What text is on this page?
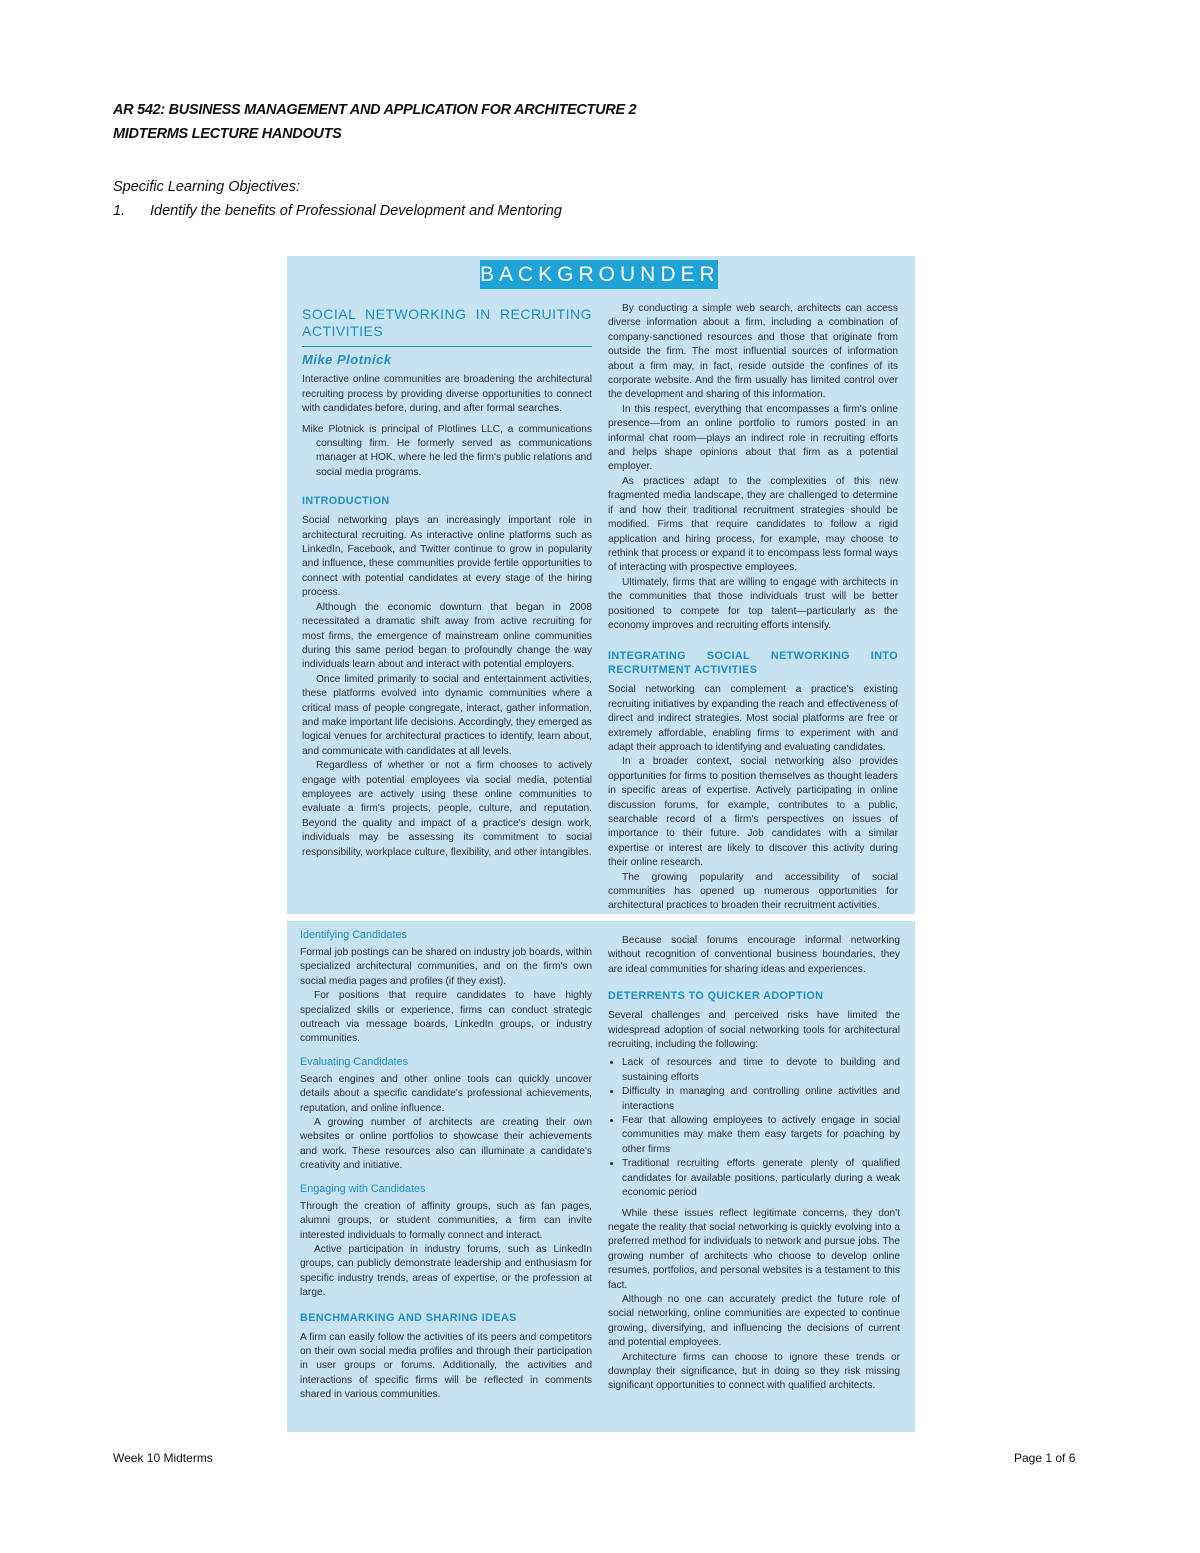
AR 542: BUSINESS MANAGEMENT AND APPLICATION FOR ARCHITECTURE 2
MIDTERMS LECTURE HANDOUTS
Specific Learning Objectives:
1. Identify the benefits of Professional Development and Mentoring
BACKGROUNDER
SOCIAL NETWORKING IN RECRUITING ACTIVITIES
Mike Plotnick

Interactive online communities are broadening the architectural recruiting process by providing diverse opportunities to connect with candidates before, during, and after formal searches.

Mike Plotnick is principal of Plotlines LLC, a communications consulting firm. He formerly served as communications manager at HOK, where he led the firm's public relations and social media programs.

INTRODUCTION

Social networking plays an increasingly important role in architectural recruiting. As interactive online platforms such as LinkedIn, Facebook, and Twitter continue to grow in popularity and influence, these communities provide fertile opportunities to connect with potential candidates at every stage of the hiring process.

Although the economic downturn that began in 2008 necessitated a dramatic shift away from active recruiting for most firms, the emergence of mainstream online communities during this same period began to profoundly change the way individuals learn about and interact with potential employers.

Once limited primarily to social and entertainment activities, these platforms evolved into dynamic communities where a critical mass of people congregate, interact, gather information, and make important life decisions. Accordingly, they emerged as logical venues for architectural practices to identify, learn about, and communicate with candidates at all levels.

Regardless of whether or not a firm chooses to actively engage with potential employees via social media, potential employees are actively using these online communities to evaluate a firm's projects, people, culture, and reputation. Beyond the quality and impact of a practice's design work, individuals may be assessing its commitment to social responsibility, workplace culture, flexibility, and other intangibles.

By conducting a simple web search, architects can access diverse information about a firm, including a combination of company-sanctioned resources and those that originate from outside the firm. The most influential sources of information about a firm may, in fact, reside outside the confines of its corporate website. And the firm usually has limited control over the development and sharing of this information.

In this respect, everything that encompasses a firm's online presence—from an online portfolio to rumors posted in an informal chat room—plays an indirect role in recruiting efforts and helps shape opinions about that firm as a potential employer.

As practices adapt to the complexities of this new fragmented media landscape, they are challenged to determine if and how their traditional recruitment strategies should be modified. Firms that require candidates to follow a rigid application and hiring process, for example, may choose to rethink that process or expand it to encompass less formal ways of interacting with prospective employees.

Ultimately, firms that are willing to engage with architects in the communities that those individuals trust will be better positioned to compete for top talent—particularly as the economy improves and recruiting efforts intensify.

INTEGRATING SOCIAL NETWORKING INTO RECRUITMENT ACTIVITIES

Social networking can complement a practice's existing recruiting initiatives by expanding the reach and effectiveness of direct and indirect strategies. Most social platforms are free or extremely affordable, enabling firms to experiment with and adapt their approach to identifying and evaluating candidates.

In a broader context, social networking also provides opportunities for firms to position themselves as thought leaders in specific areas of expertise. Actively participating in online discussion forums, for example, contributes to a public, searchable record of a firm's perspectives on issues of importance to their future. Job candidates with a similar expertise or interest are likely to discover this activity during their online research.

The growing popularity and accessibility of social communities has opened up numerous opportunities for architectural practices to broaden their recruitment activities.

Identifying Candidates

Formal job postings can be shared on industry job boards, within specialized architectural communities, and on the firm's own social media pages and profiles (if they exist).

For positions that require candidates to have highly specialized skills or experience, firms can conduct strategic outreach via message boards, LinkedIn groups, or industry communities.

Evaluating Candidates

Search engines and other online tools can quickly uncover details about a specific candidate's professional achievements, reputation, and online influence.

A growing number of architects are creating their own websites or online portfolios to showcase their achievements and work. These resources also can illuminate a candidate's creativity and initiative.

Engaging with Candidates

Through the creation of affinity groups, such as fan pages, alumni groups, or student communities, a firm can invite interested individuals to formally connect and interact.

Active participation in industry forums, such as LinkedIn groups, can publicly demonstrate leadership and enthusiasm for specific industry trends, areas of expertise, or the profession at large.

BENCHMARKING AND SHARING IDEAS

A firm can easily follow the activities of its peers and competitors on their own social media profiles and through their participation in user groups or forums. Additionally, the activities and interactions of specific firms will be reflected in comments shared in various communities.

Because social forums encourage informal networking without recognition of conventional business boundaries, they are ideal communities for sharing ideas and experiences.

DETERRENTS TO QUICKER ADOPTION

Several challenges and perceived risks have limited the widespread adoption of social networking tools for architectural recruiting, including the following:

• Lack of resources and time to devote to building and sustaining efforts
• Difficulty in managing and controlling online activities and interactions
• Fear that allowing employees to actively engage in social communities may make them easy targets for poaching by other firms
• Traditional recruiting efforts generate plenty of qualified candidates for available positions, particularly during a weak economic period

While these issues reflect legitimate concerns, they don't negate the reality that social networking is quickly evolving into a preferred method for individuals to network and pursue jobs. The growing number of architects who choose to develop online resumes, portfolios, and personal websites is a testament to this fact.

Although no one can accurately predict the future role of social networking, online communities are expected to continue growing, diversifying, and influencing the decisions of current and potential employees.

Architecture firms can choose to ignore these trends or downplay their significance, but in doing so they risk missing significant opportunities to connect with qualified architects.

Week 10 Midterms	Page 1 of 6
